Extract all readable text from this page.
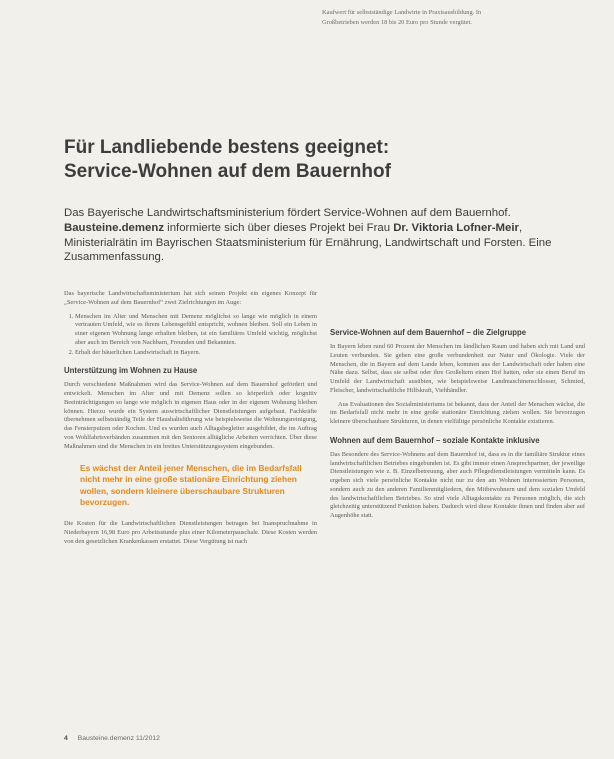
Kaufwert für selbstständige Landwirte in Praxisausbildung. In
Großbetrieben werden 18 bis 20 Euro pro Stunde vergütet.
Für Landliebende bestens geeignet:
Service-Wohnen auf dem Bauernhof

Das Bayerische Landwirtschaftsministerium fördert Service-Wohnen auf dem Bauernhof. Bausteine.demenz informierte sich über dieses Projekt bei Frau Dr. Viktoria Lofner-Meir, Ministerialrätin im Bayrischen Staatsministerium für Ernährung, Landwirtschaft und Forsten. Eine Zusammenfassung.

Das bayerische Landwirtschaftsministerium hat sich seinen Projekt ein eigenes Konzept für „Service-Wohnen auf dem Bauernhof“ zwei Zielrichtungen im Auge:

1. Menschen im Alter und Menschen mit Demenz möglichst so lange wie möglich in einem vertrauten Umfeld, wie es ihrem Lebensgefühl entspricht, wohnen bleiben. Soll ein Leben in einer eigenen Wohnung lange erhalten bleiben, ist ein familiäres Umfeld wichtig, möglichst aber auch im Bereich von Nachbarn, Freunden und Bekannten.
2. Erhalt der bäuerlichen Landwirtschaft in Bayern.
Unterstützung im Wohnen zu Hause

Durch verschiedene Maßnahmen wird das Service-Wohnen auf dem Bauernhof gefördert und entwickelt. Menschen im Alter und mit Demenz sollen so körperlich oder kognitiv Beeinträchtigungen so lange wie möglich in eigenen Haus oder in der eigenen Wohnung bleiben können. Hierzu wurde ein System auswirtschaftlicher Dienstleistungen aufgebaut. Fachkräfte übernehmen selbstständig Teile der Haushaltsführung wie beispielsweise die Wohnungsreinigung, das Fensterputzen oder Kochen. Und es wurden auch Alltagsbegleiter ausgebildet, die im Auftrag von Wohlfahrtsverbänden zusammen mit den Senioren alltägliche Arbeiten verrichten. Über diese Maßnahmen sind die Menschen in ein breites Unterstützungssystem eingebunden.

Es wächst der Anteil jener Menschen, die im Bedarfsfall nicht mehr in eine große stationäre Einrichtung ziehen wollen, sondern kleinere überschaubare Strukturen bevorzugen.

Die Kosten für die Landwirtschaftlichen Dienstleistungen betragen bei Inanspruchnahme in Niederbayern 16,98 Euro pro Arbeitsstunde plus einer Kilometerpauschale. Diese Kosten werden von den gesetzlichen Krankenkassen erstattet. Diese Vergütung ist nach

Service-Wohnen auf dem Bauernhof – die Zielgruppe

In Bayern leben rund 60 Prozent der Menschen im ländlichen Raum und haben sich mit Land und Leuten verbunden. Sie gehen eine große verbundenheit zur Natur und Ökologie. Viele der Menschen, die in Bayern auf dem Lande leben, kommen aus der Landwirtschaft oder haben eine Nähe dazu. Selbst, dass sie selbst oder ihre Großeltern einen Hof hatten, oder sie einen Beruf im Umfeld der Landwirtschaft ausübten, wie beispielsweise Landmaschinenschlosser, Schmied, Fleischer, landwirtschaftliche Hilfskraft, Viehhändler.

Aus Evaluationen des Sozialministeriums ist bekannt, dass der Anteil der Menschen wächst, die im Bedarfsfall nicht mehr in eine große stationäre Einrichtung ziehen wollen. Sie bevorzugen kleinere überschaubare Strukturen, in denen vielfältige persönliche Kontakte existieren.

Wohnen auf dem Bauernhof – soziale Kontakte inklusive

Das Besondere des Service-Wohnens auf dem Bauernhof ist, dass es in die familiäre Struktur eines landwirtschaftlichen Betriebes eingebunden ist. Es gibt immer einen Ansprechpartner, der jeweilige Dienstleistungen wie z. B. Einzelbetreuung, aber auch Pflegedienstleistungen vermitteln kann. Es ergeben sich viele persönliche Kontakte nicht nur zu den am Wohnen interessierten Personen, sondern auch zu den anderen Familienmitgliedern, den Mitbewohnern und dem sozialen Umfeld des landwirtschaftlichen Betriebes. So sind viele Alltagskontakte zu Personen möglich, die sich gleichzeitig unterstützend Funktion haben. Dadurch wird diese Kontakte ihnen und finden aber auf Augenhöhe statt.

4 Bausteine.demenz 11/2012
